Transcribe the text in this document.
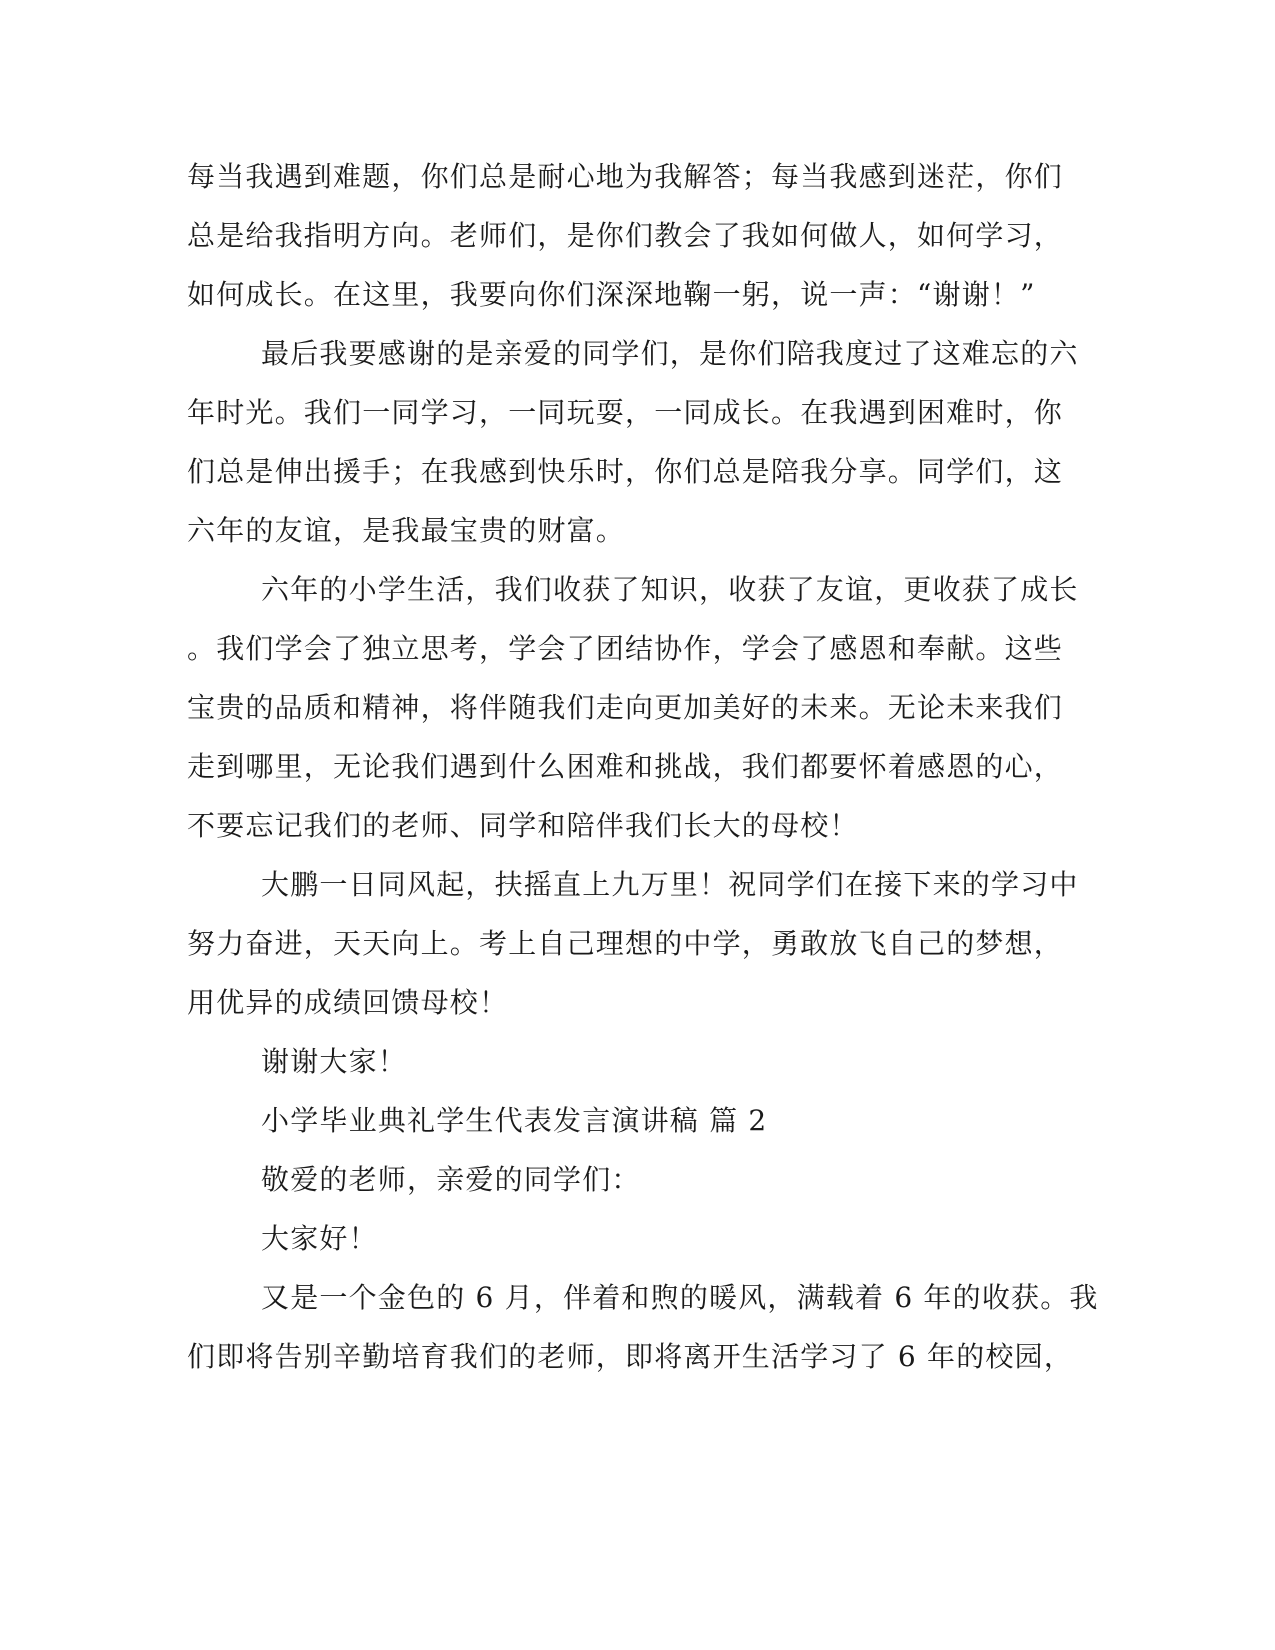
每当我遇到难题，你们总是耐心地为我解答；每当我感到迷茫，你们
总是给我指明方向。老师们，是你们教会了我如何做人，如何学习，
如何成长。在这里，我要向你们深深地鞠一躬，说一声：“谢谢！”
最后我要感谢的是亲爱的同学们，是你们陪我度过了这难忘的六
年时光。我们一同学习，一同玩耍，一同成长。在我遇到困难时，你
们总是伸出援手；在我感到快乐时，你们总是陪我分享。同学们，这
六年的友谊，是我最宝贵的财富。
六年的小学生活，我们收获了知识，收获了友谊，更收获了成长
。我们学会了独立思考，学会了团结协作，学会了感恩和奉献。这些
宝贵的品质和精神，将伴随我们走向更加美好的未来。无论未来我们
走到哪里，无论我们遇到什么困难和挑战，我们都要怀着感恩的心，
不要忘记我们的老师、同学和陪伴我们长大的母校！
大鹏一日同风起，扶摇直上九万里！祝同学们在接下来的学习中
努力奋进，天天向上。考上自己理想的中学，勇敢放飞自己的梦想，
用优异的成绩回馈母校！
谢谢大家！
小学毕业典礼学生代表发言演讲稿 篇 2
敬爱的老师，亲爱的同学们：
大家好！
又是一个金色的 6 月，伴着和煦的暖风，满载着 6 年的收获。我
们即将告别辛勤培育我们的老师，即将离开生活学习了 6 年的校园，
